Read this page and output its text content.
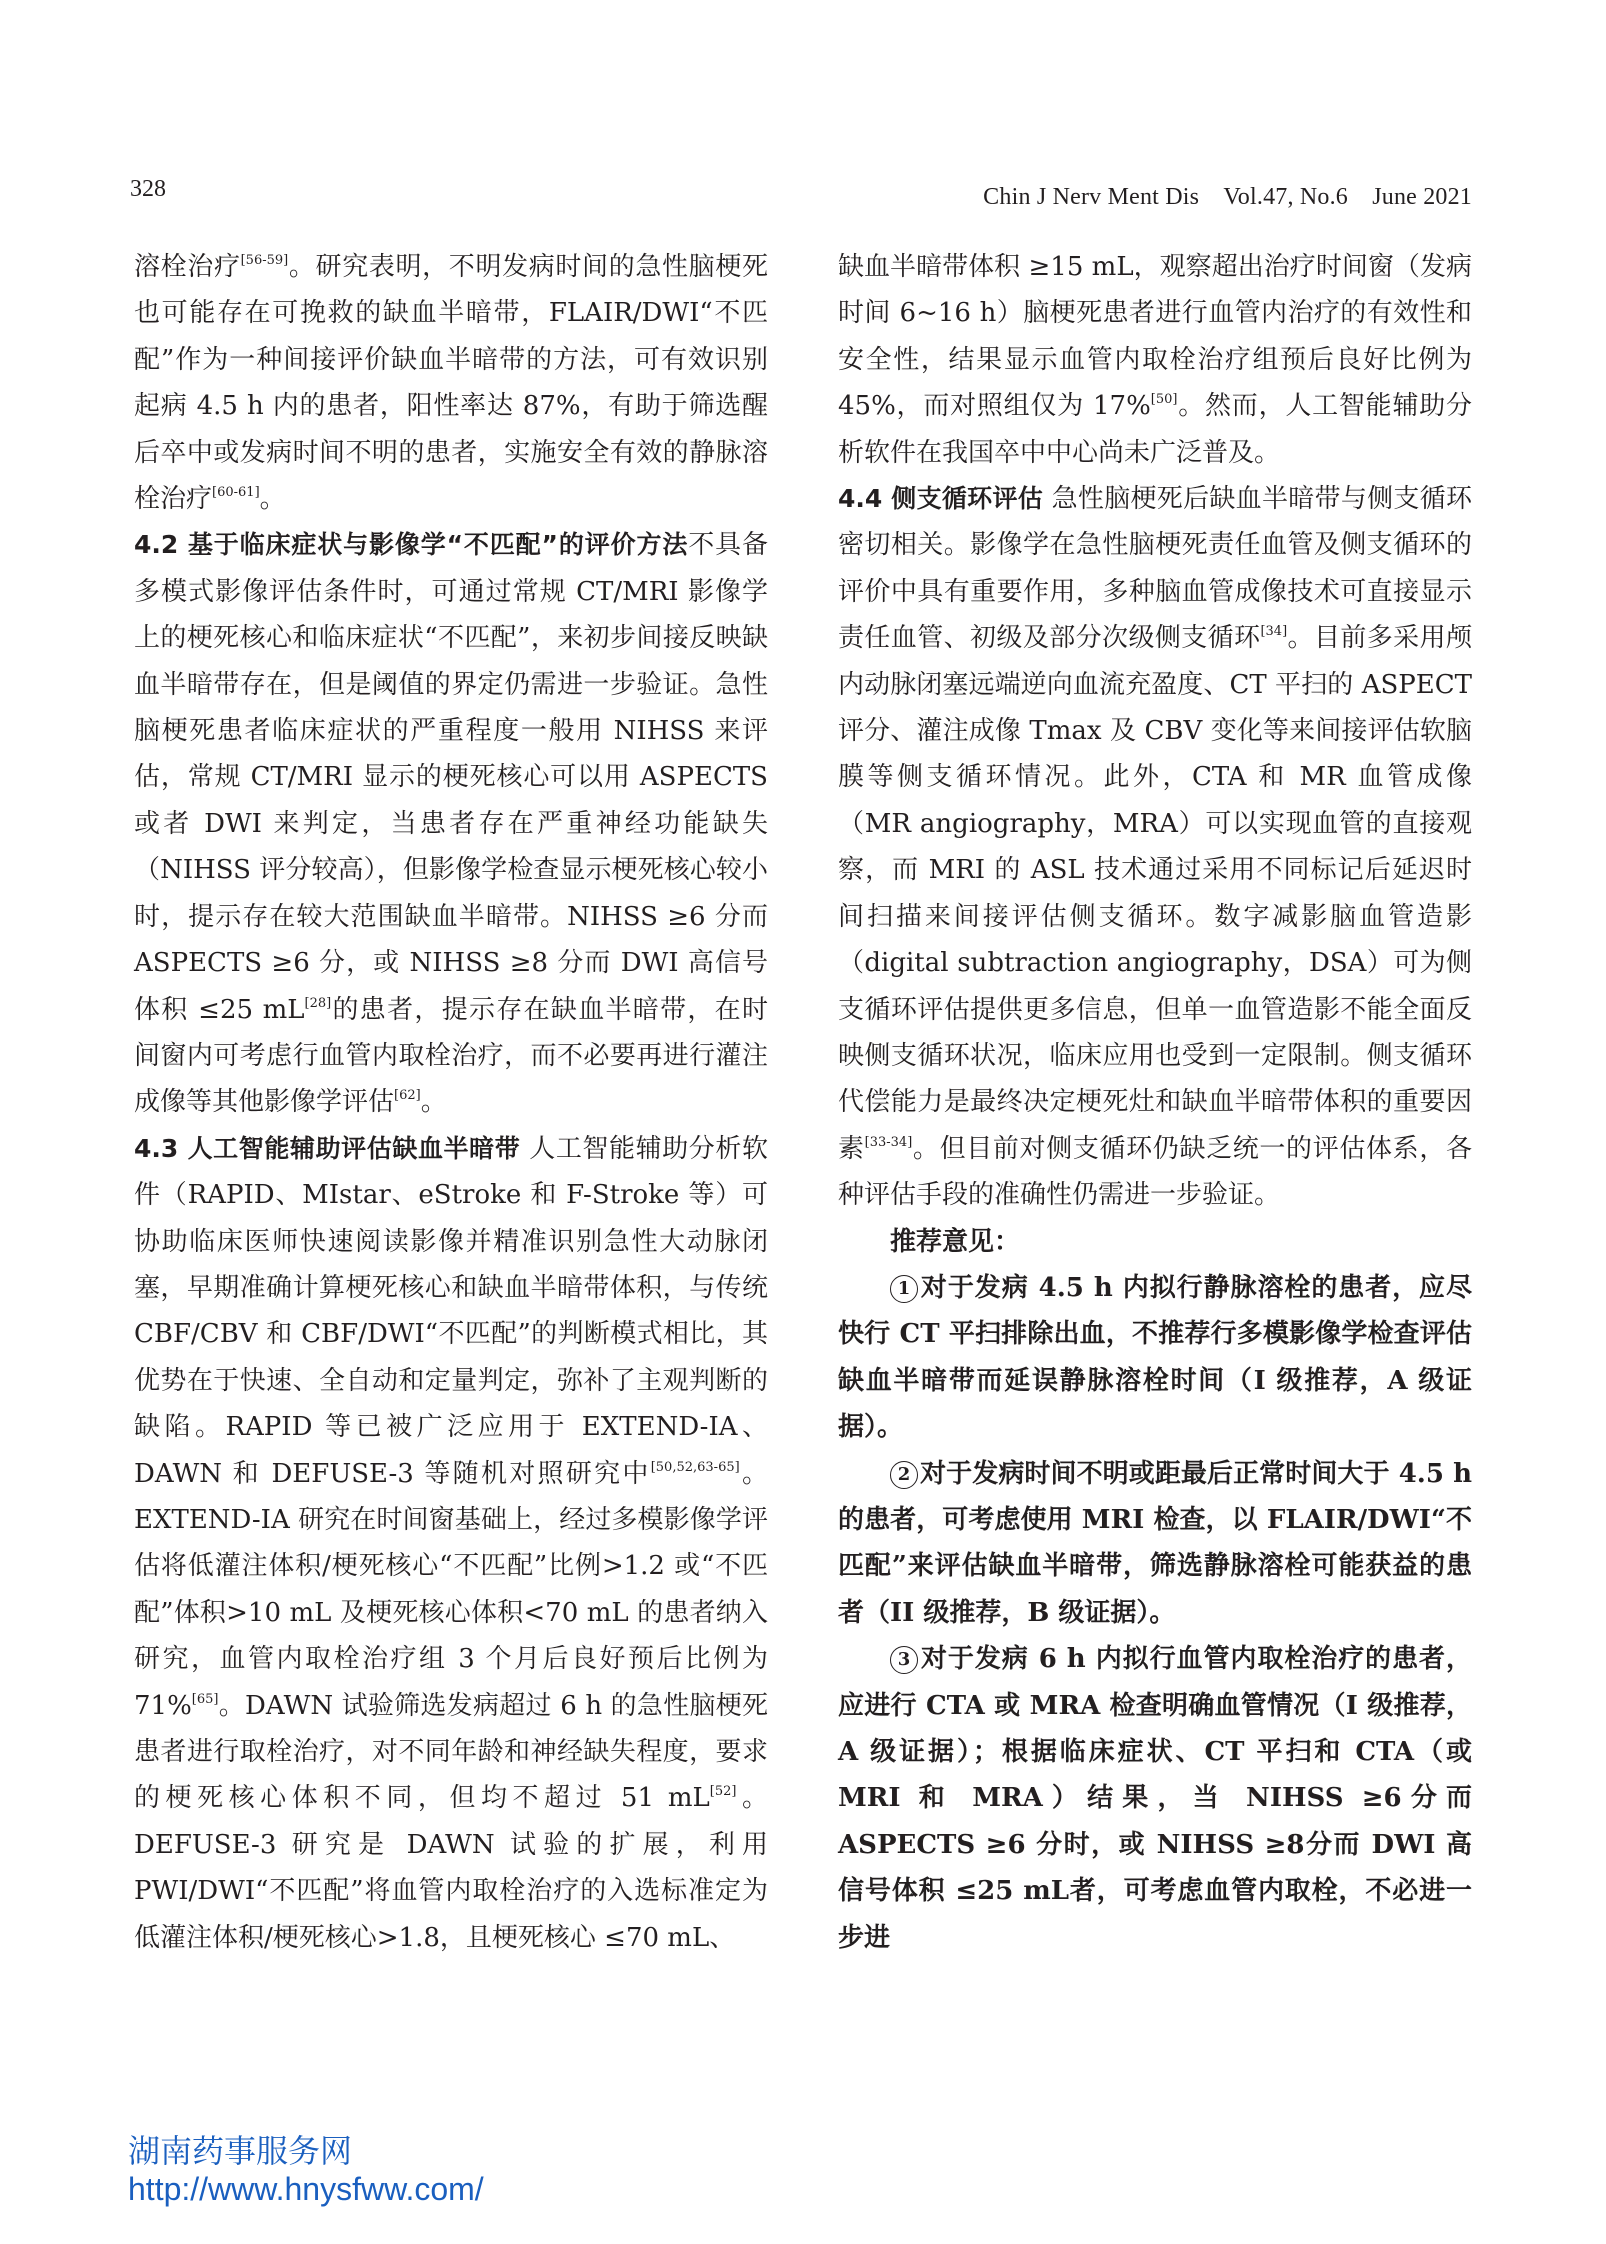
328	Chin J Nerv Ment Dis　Vol.47, No.6　June 2021

溶栓治疗[56-59]。研究表明，不明发病时间的急性脑梗死也可能存在可挽救的缺血半暗带，FLAIR/DWI“不匹配”作为一种间接评价缺血半暗带的方法，可有效识别起病 4.5 h 内的患者，阳性率达 87%，有助于筛选醒后卒中或发病时间不明的患者，实施安全有效的静脉溶栓治疗[60-61]。

4.2 基于临床症状与影像学“不匹配”的评价方法不具备多模式影像评估条件时，可通过常规 CT/MRI 影像学上的梗死核心和临床症状“不匹配”，来初步间接反映缺血半暗带存在，但是阈值的界定仍需进一步验证。急性脑梗死患者临床症状的严重程度一般用 NIHSS 来评估，常规 CT/MRI 显示的梗死核心可以用 ASPECTS 或者 DWI 来判定，当患者存在严重神经功能缺失（NIHSS 评分较高），但影像学检查显示梗死核心较小时，提示存在较大范围缺血半暗带。NIHSS ≥6 分而 ASPECTS ≥6 分，或 NIHSS ≥8 分而 DWI 高信号体积 ≤25 mL[28]的患者，提示存在缺血半暗带，在时间窗内可考虑行血管内取栓治疗，而不必要再进行灌注成像等其他影像学评估[62]。

4.3 人工智能辅助评估缺血半暗带 人工智能辅助分析软件（RAPID、MIstar、eStroke 和 F-Stroke 等）可协助临床医师快速阅读影像并精准识别急性大动脉闭塞，早期准确计算梗死核心和缺血半暗带体积，与传统 CBF/CBV 和 CBF/DWI“不匹配”的判断模式相比，其优势在于快速、全自动和定量判定，弥补了主观判断的缺陷。RAPID 等已被广泛应用于 EXTEND-IA、DAWN 和 DEFUSE-3 等随机对照研究中[50,52,63-65]。EXTEND-IA 研究在时间窗基础上，经过多模影像学评估将低灌注体积/梗死核心“不匹配”比例>1.2 或“不匹配”体积>10 mL 及梗死核心体积<70 mL 的患者纳入研究，血管内取栓治疗组 3 个月后良好预后比例为 71%[65]。DAWN 试验筛选发病超过 6 h 的急性脑梗死患者进行取栓治疗，对不同年龄和神经缺失程度，要求的梗死核心体积不同，但均不超过 51 mL[52]。DEFUSE-3 研究是 DAWN 试验的扩展，利用 PWI/DWI“不匹配”将血管内取栓治疗的入选标准定为低灌注体积/梗死核心>1.8，且梗死核心 ≤70 mL、

缺血半暗带体积 ≥15 mL，观察超出治疗时间窗（发病时间 6~16 h）脑梗死患者进行血管内治疗的有效性和安全性，结果显示血管内取栓治疗组预后良好比例为 45%，而对照组仅为 17%[50]。然而，人工智能辅助分析软件在我国卒中中心尚未广泛普及。

4.4 侧支循环评估 急性脑梗死后缺血半暗带与侧支循环密切相关。影像学在急性脑梗死责任血管及侧支循环的评价中具有重要作用，多种脑血管成像技术可直接显示责任血管、初级及部分次级侧支循环[34]。目前多采用颅内动脉闭塞远端逆向血流充盈度、CT 平扫的 ASPECT 评分、灌注成像 Tmax 及 CBV 变化等来间接评估软脑膜等侧支循环情况。此外，CTA 和 MR 血管成像（MR angiography，MRA）可以实现血管的直接观察，而 MRI 的 ASL 技术通过采用不同标记后延迟时间扫描来间接评估侧支循环。数字减影脑血管造影（digital subtraction angiography，DSA）可为侧支循环评估提供更多信息，但单一血管造影不能全面反映侧支循环状况，临床应用也受到一定限制。侧支循环代偿能力是最终决定梗死灶和缺血半暗带体积的重要因素[33-34]。但目前对侧支循环仍缺乏统一的评估体系，各种评估手段的准确性仍需进一步验证。

推荐意见：

1 对于发病 4.5 h 内拟行静脉溶栓的患者，应尽快行 CT 平扫排除出血，不推荐行多模影像学检查评估缺血半暗带而延误静脉溶栓时间（I 级推荐，A 级证据）。

2 对于发病时间不明或距最后正常时间大于 4.5 h 的患者，可考虑使用 MRI 检查，以 FLAIR/DWI“不匹配”来评估缺血半暗带，筛选静脉溶栓可能获益的患者（II 级推荐，B 级证据）。

3 对于发病 6 h 内拟行血管内取栓治疗的患者，应进行 CTA 或 MRA 检查明确血管情况（I 级推荐，A 级证据）；根据临床症状、CT 平扫和 CTA（或 MRI 和 MRA）结果，当 NIHSS ≥6分而 ASPECTS ≥6 分时，或 NIHSS ≥8分而 DWI 高信号体积 ≤25 mL者，可考虑血管内取栓，不必进一步进

湖南药事服务网
http://www.hnysfww.com/
